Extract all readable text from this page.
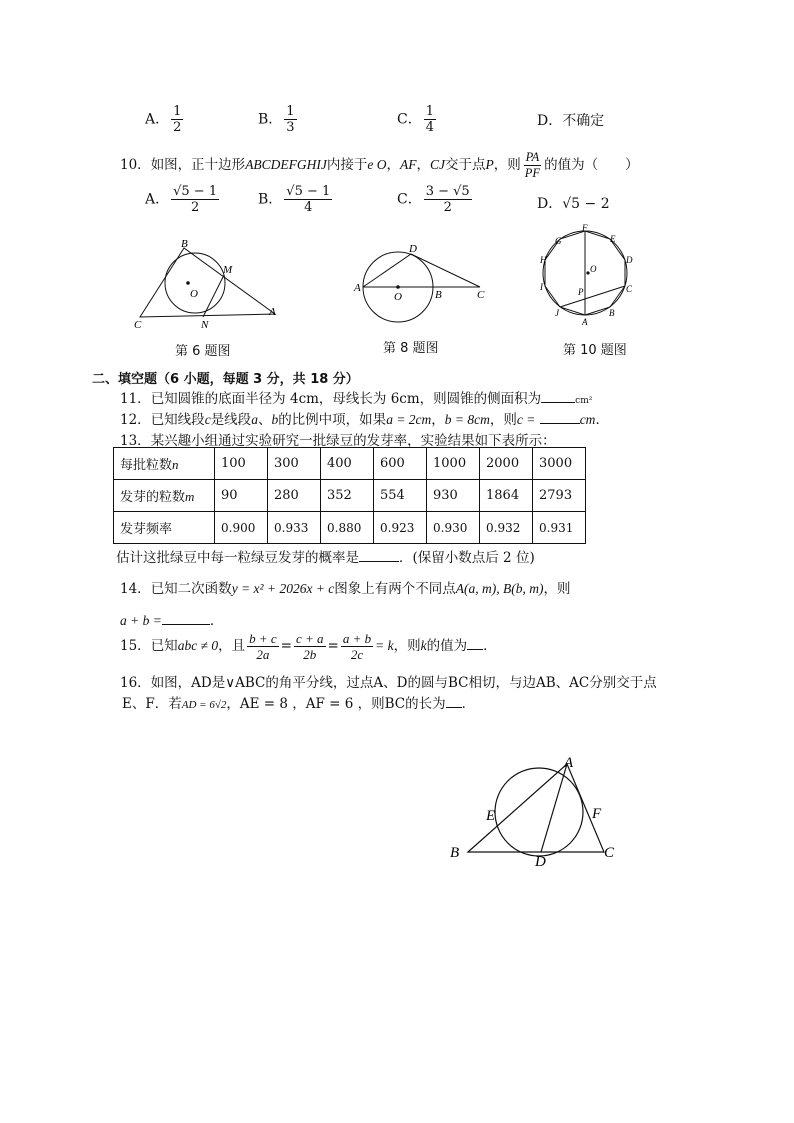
A． $\frac{1}{2}$	B． $\frac{1}{3}$	C． $\frac{1}{4}$	D．不确定
10．如图，正十边形ABCDEFGHIJ内接于e O，AF，CJ交于点P，则 $\frac{PA}{PF}$ 的值为（　　）
A． $\frac{√5 - 1}{2}$	B． $\frac{√5 - 1}{4}$	C． $\frac{3 - √5}{2}$	D．√5 − 2
B
M
O
C	N
A
第 6 题图
D
A
O	B	C
第 8 题图
G
F
E
H	D
O
I	C
P
J
A
B
第 10 题图
二、填空题（6 小题，每题 3 分，共 18 分）
11．已知圆锥的底面半径为 4cm，母线长为 6cm，则圆锥的侧面积为	cm²
12．已知线段c是线段a、b的比例中项，如果a = 2cm，b = 8cm，则c =	cm．
13．某兴趣小组通过实验研究一批绿豆的发芽率，实验结果如下表所示：
每批粒数n	100	300	400	600	1000	2000	3000
发芽的粒数m	90	280	352	554	930	1864	2793
发芽频率	0.900	0.933	0.880	0.923	0.930	0.932	0.931
估计这批绿豆中每一粒绿豆发芽的概率是	．(保留小数点后 2 位)
14．已知二次函数y = x² + 2026x + c图象上有两个不同点A(a, m), B(b, m)，则
a + b =	．
15．已知abc ≠ 0，且 $\frac{b + c}{2a} = \frac{c + a}{2b} = \frac{a + b}{2c} = k$，则k的值为 ．
16．如图，AD是∨ABC的角平分线，过点A、D的圆与BC相切，与边AB、AC分别交于点
E、F．若AD = 6√2，AE = 8 ，AF = 6 ，则BC的长为 ．
A
E	F
B
D
C
